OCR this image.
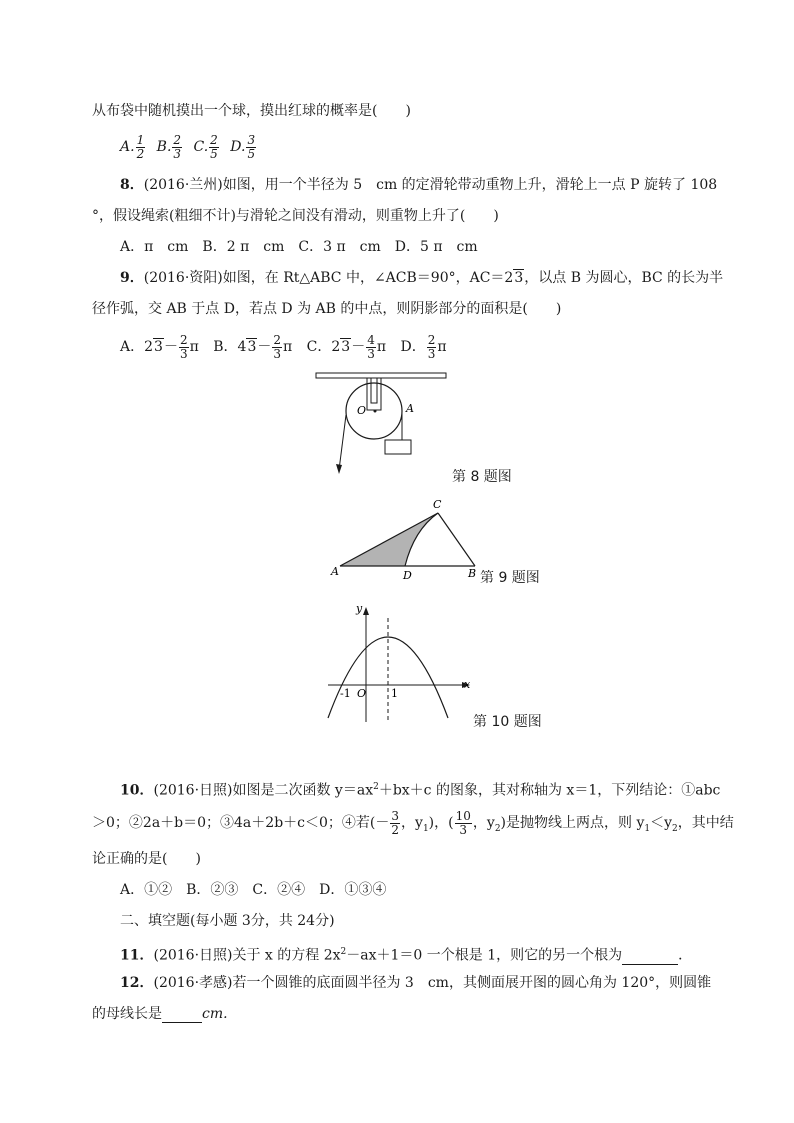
从布袋中随机摸出一个球，摸出红球的概率是(　　)
A. $\frac{1}{2} B$. $\frac{2}{3} C$. $\frac{2}{5} D$. $\frac{3}{5}$
8．(2016·兰州)如图，用一个半径为 5　cm 的定滑轮带动重物上升，滑轮上一点 P 旋转了 108
°，假设绳索(粗细不计)与滑轮之间没有滑动，则重物上升了(　　)
A．π　cm　B．2 π　cm　C．3 π　cm　D．5 π　cm
9．(2016·资阳)如图，在 Rt△ABC 中，∠ACB＝90°，AC＝23，以点 B 为圆心，BC 的长为半
径作弧，交 AB 于点 D，若点 D 为 AB 的中点，则阴影部分的面积是(　　)
A．$23- \frac{2}{3}$ π B．$43- \frac{2}{3}$ π C．$23- \frac{4}{3}$ π D． $\frac{2}{3}$ π
O	A
第 8 题图
A	D	B
C
第 9 题图
y
x
O
-1	1
第 10 题图
10．(2016·日照)如图是二次函数 $y=ax^2+bx+c$ 的图象，其对称轴为 x＝1，下列结论：①abc
＞0；②2a＋b＝0；③4a＋2b＋c＜0；④若(－ $\frac{3}{2}$ ，$y_1$)，( $\frac{10}{3}$ ，$y_2$)是抛物线上两点，则 $y_1<y_2$，其中结
论正确的是(　　)
A．①②　B．②③　C．②④　D．①③④
二、填空题(每小题 3分，共 24分)
11．(2016·日照)关于 x 的方程 $2x^2-ax+1=0$ 一个根是 1，则它的另一个根为	．
12．(2016·孝感)若一个圆锥的底面圆半径为 3　cm，其侧面展开图的圆心角为 120°，则圆锥
的母线长是	cm.
